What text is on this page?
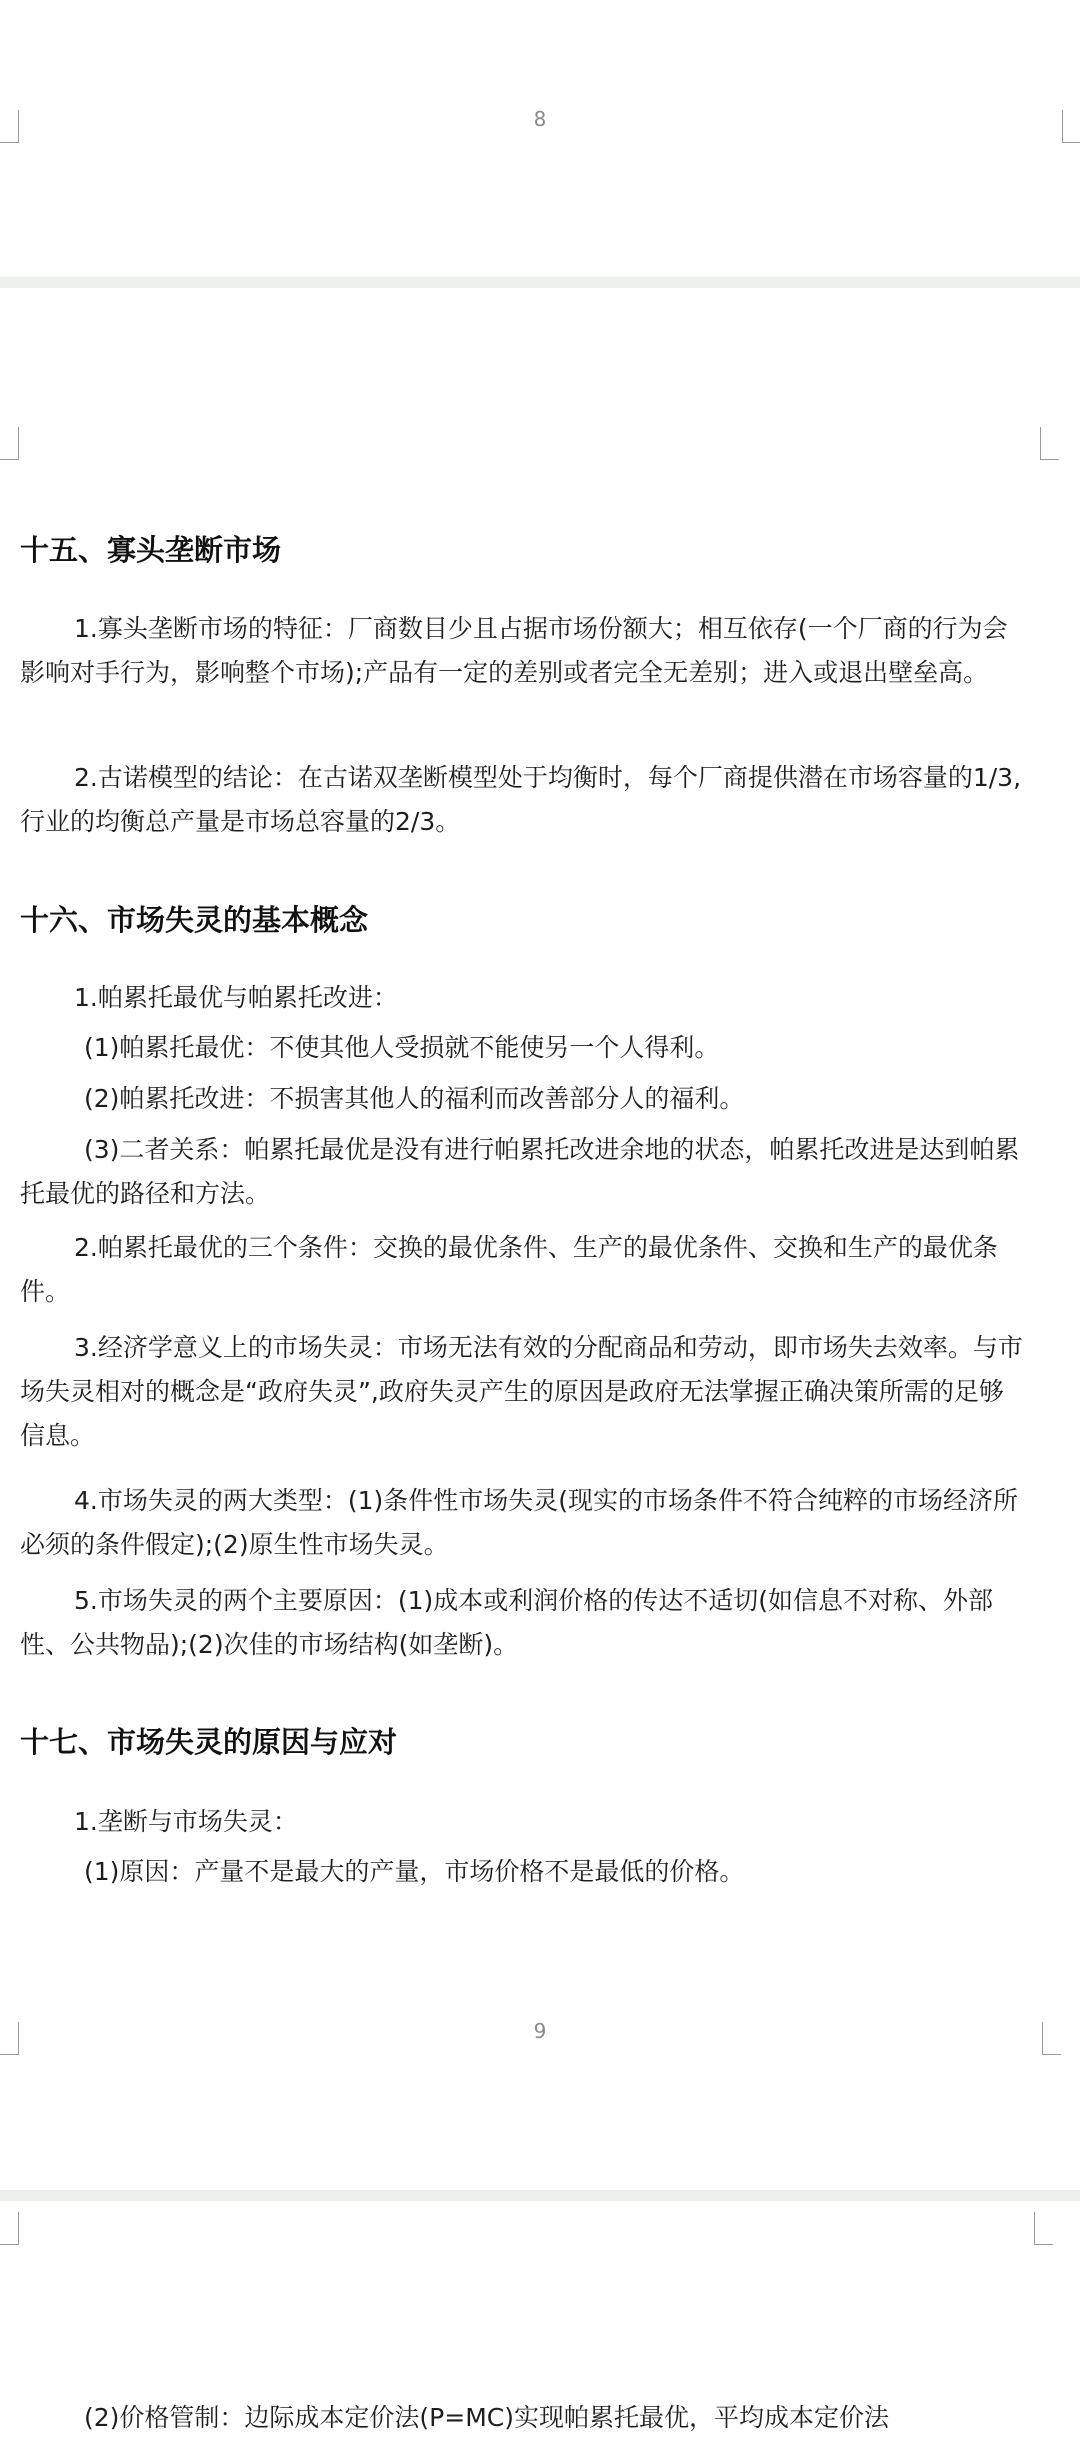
8
十五、寡头垄断市场
1.寡头垄断市场的特征：厂商数目少且占据市场份额大；相互依存(一个厂商的行为会影响对手行为，影响整个市场);产品有一定的差别或者完全无差别；进入或退出壁垒高。
2.古诺模型的结论：在古诺双垄断模型处于均衡时，每个厂商提供潜在市场容量的1/3,行业的均衡总产量是市场总容量的2/3。
十六、市场失灵的基本概念
1.帕累托最优与帕累托改进：
(1)帕累托最优：不使其他人受损就不能使另一个人得利。
(2)帕累托改进：不损害其他人的福利而改善部分人的福利。
(3)二者关系：帕累托最优是没有进行帕累托改进余地的状态，帕累托改进是达到帕累托最优的路径和方法。
2.帕累托最优的三个条件：交换的最优条件、生产的最优条件、交换和生产的最优条件。
3.经济学意义上的市场失灵：市场无法有效的分配商品和劳动，即市场失去效率。与市场失灵相对的概念是“政府失灵”,政府失灵产生的原因是政府无法掌握正确决策所需的足够信息。
4.市场失灵的两大类型：(1)条件性市场失灵(现实的市场条件不符合纯粹的市场经济所必须的条件假定);(2)原生性市场失灵。
5.市场失灵的两个主要原因：(1)成本或利润价格的传达不适切(如信息不对称、外部性、公共物品);(2)次佳的市场结构(如垄断)。
十七、市场失灵的原因与应对
1.垄断与市场失灵：
(1)原因：产量不是最大的产量，市场价格不是最低的价格。
9
(2)价格管制：边际成本定价法(P=MC)实现帕累托最优，平均成本定价法
